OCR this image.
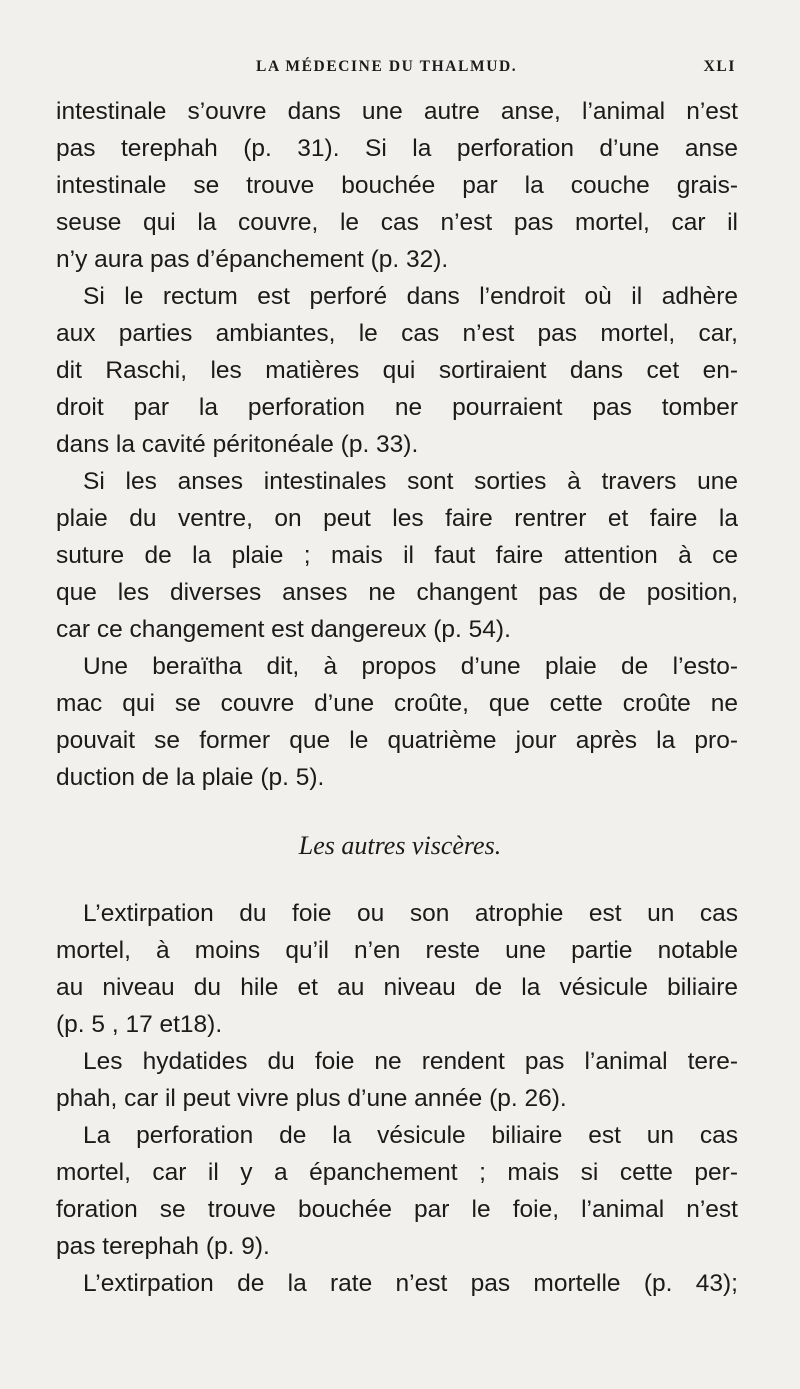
LA MÉDECINE DU THALMUD.	XLI
intestinale s’ouvre dans une autre anse, l’animal n’est
pas terephah (p. 31). Si la perforation d’une anse
intestinale se trouve bouchée par la couche grais-
seuse qui la couvre, le cas n’est pas mortel, car il
n’y aura pas d’épanchement (p. 32).
Si le rectum est perforé dans l’endroit où il adhère
aux parties ambiantes, le cas n’est pas mortel, car,
dit Raschi, les matières qui sortiraient dans cet en-
droit par la perforation ne pourraient pas tomber
dans la cavité péritonéale (p. 33).
Si les anses intestinales sont sorties à travers une
plaie du ventre, on peut les faire rentrer et faire la
suture de la plaie ; mais il faut faire attention à ce
que les diverses anses ne changent pas de position,
car ce changement est dangereux (p. 54).
Une beraïtha dit, à propos d’une plaie de l’esto-
mac qui se couvre d’une croûte, que cette croûte ne
pouvait se former que le quatrième jour après la pro-
duction de la plaie (p. 5).
Les autres viscères.
L’extirpation du foie ou son atrophie est un cas
mortel, à moins qu’il n’en reste une partie notable
au niveau du hile et au niveau de la vésicule biliaire
(p. 5 , 17 et18).
Les hydatides du foie ne rendent pas l’animal tere-
phah, car il peut vivre plus d’une année (p. 26).
La perforation de la vésicule biliaire est un cas
mortel, car il y a épanchement ; mais si cette per-
foration se trouve bouchée par le foie, l’animal n’est
pas terephah (p. 9).
L’extirpation de la rate n’est pas mortelle (p. 43);
